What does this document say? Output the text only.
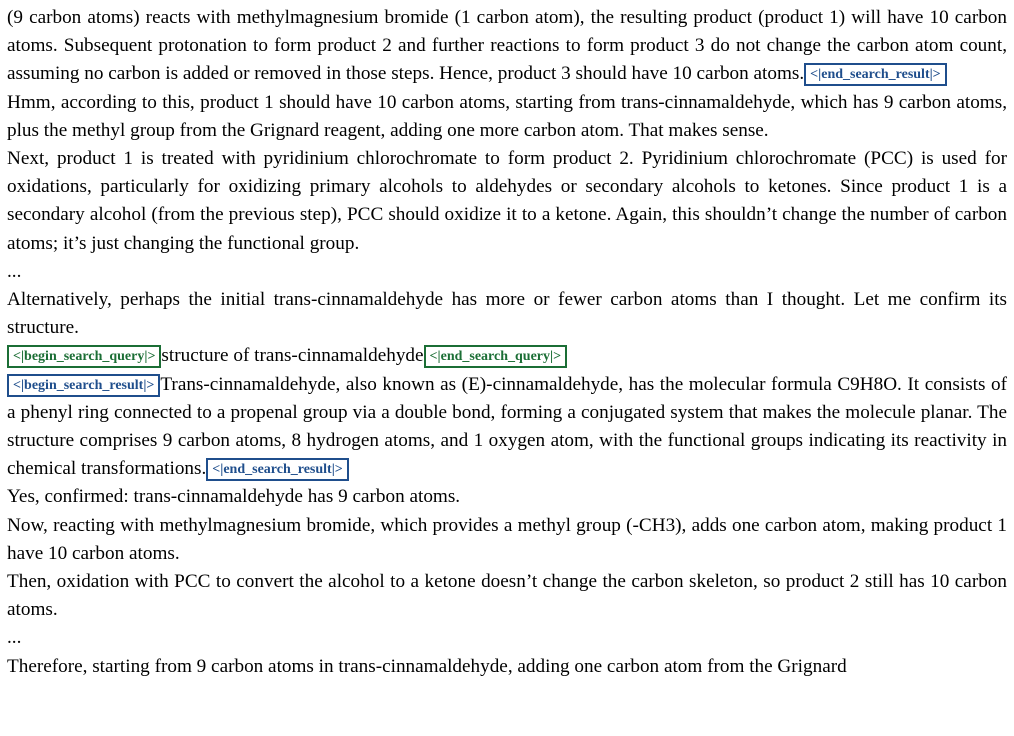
(9 carbon atoms) reacts with methylmagnesium bromide (1 carbon atom), the resulting product (product 1) will have 10 carbon atoms. Subsequent protonation to form product 2 and further reactions to form product 3 do not change the carbon atom count, assuming no carbon is added or removed in those steps. Hence, product 3 should have 10 carbon atoms. <|end_search_result|>

Hmm, according to this, product 1 should have 10 carbon atoms, starting from trans-cinnamaldehyde, which has 9 carbon atoms, plus the methyl group from the Grignard reagent, adding one more carbon atom. That makes sense.

Next, product 1 is treated with pyridinium chlorochromate to form product 2. Pyridinium chlorochromate (PCC) is used for oxidations, particularly for oxidizing primary alcohols to aldehydes or secondary alcohols to ketones. Since product 1 is a secondary alcohol (from the previous step), PCC should oxidize it to a ketone. Again, this shouldn’t change the number of carbon atoms; it’s just changing the functional group.

...

Alternatively, perhaps the initial trans-cinnamaldehyde has more or fewer carbon atoms than I thought. Let me confirm its structure.

<|begin_search_query|> structure of trans-cinnamaldehyde <|end_search_query|>

<|begin_search_result|> Trans-cinnamaldehyde, also known as (E)-cinnamaldehyde, has the molecular formula C9H8O. It consists of a phenyl ring connected to a propenal group via a double bond, forming a conjugated system that makes the molecule planar. The structure comprises 9 carbon atoms, 8 hydrogen atoms, and 1 oxygen atom, with the functional groups indicating its reactivity in chemical transformations. <|end_search_result|>

Yes, confirmed: trans-cinnamaldehyde has 9 carbon atoms.

Now, reacting with methylmagnesium bromide, which provides a methyl group (-CH3), adds one carbon atom, making product 1 have 10 carbon atoms.

Then, oxidation with PCC to convert the alcohol to a ketone doesn’t change the carbon skeleton, so product 2 still has 10 carbon atoms.

...

Therefore, starting from 9 carbon atoms in trans-cinnamaldehyde, adding one carbon atom from the Grignard
